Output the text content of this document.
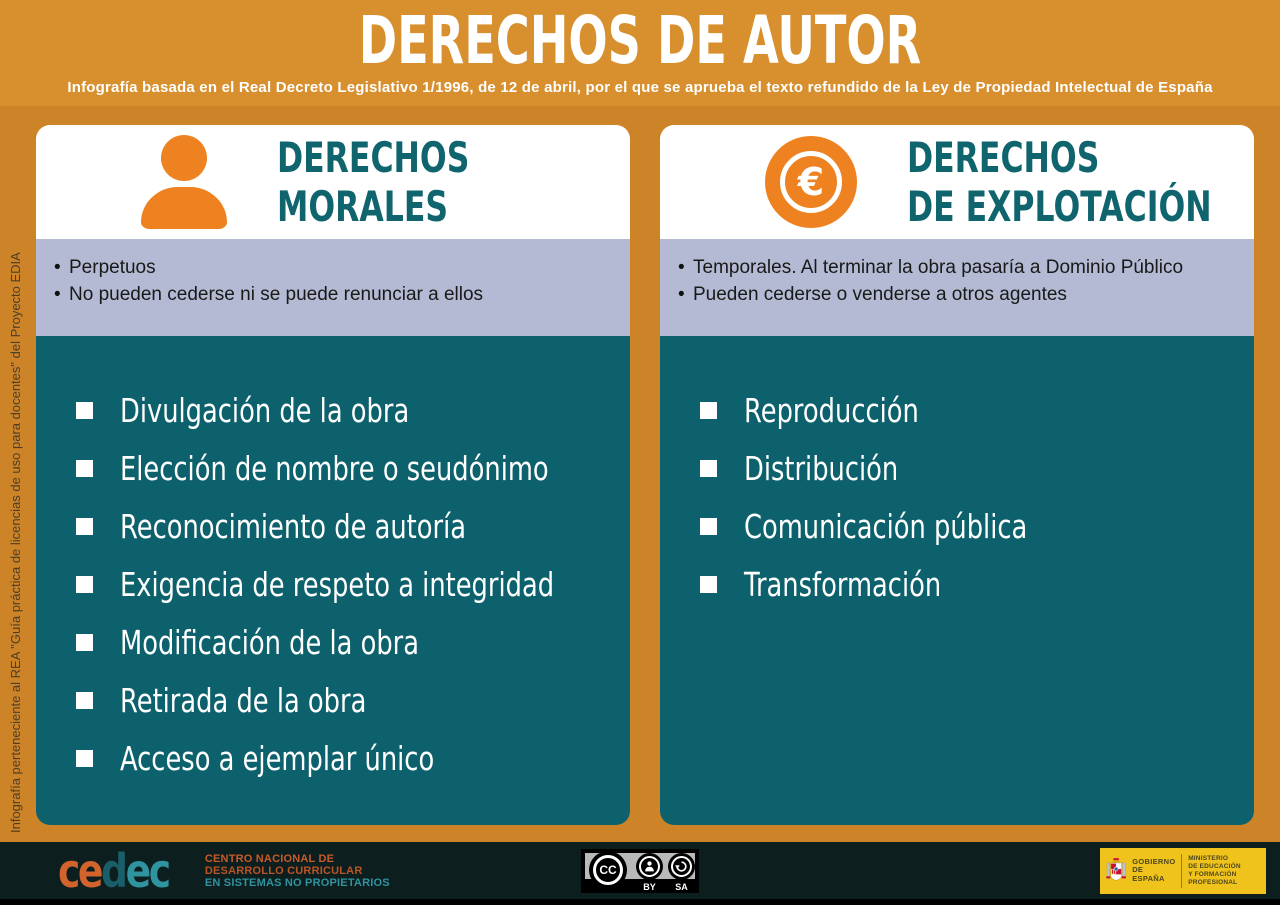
DERECHOS DE AUTOR
Infografía basada en el Real Decreto Legislativo 1/1996, de 12 de abril, por el que se aprueba el texto refundido de la Ley de Propiedad Intelectual de España
Infografía perteneciente al REA "Guía práctica de licencias de uso para docentes" del Proyecto EDIA
DERECHOS
MORALES
• Perpetuos
• No pueden cederse ni se puede renunciar a ellos
Divulgación de la obra
Elección de nombre o seudónimo
Reconocimiento de autoría
Exigencia de respeto a integridad
Modificación de la obra
Retirada de la obra
Acceso a ejemplar único
€	DERECHOS
DE EXPLOTACIÓN
• Temporales. Al terminar la obra pasaría a Dominio Público
• Pueden cederse o venderse a otros agentes
Reproducción
Distribución
Comunicación pública
Transformación
cedec	CENTRO NACIONAL DE
DESARROLLO CURRICULAR
EN SISTEMAS NO PROPIETARIOS
CC
BY	SA
GOBIERNO
DE ESPAÑA
MINISTERIO
DE EDUCACIÓN
Y FORMACIÓN PROFESIONAL
